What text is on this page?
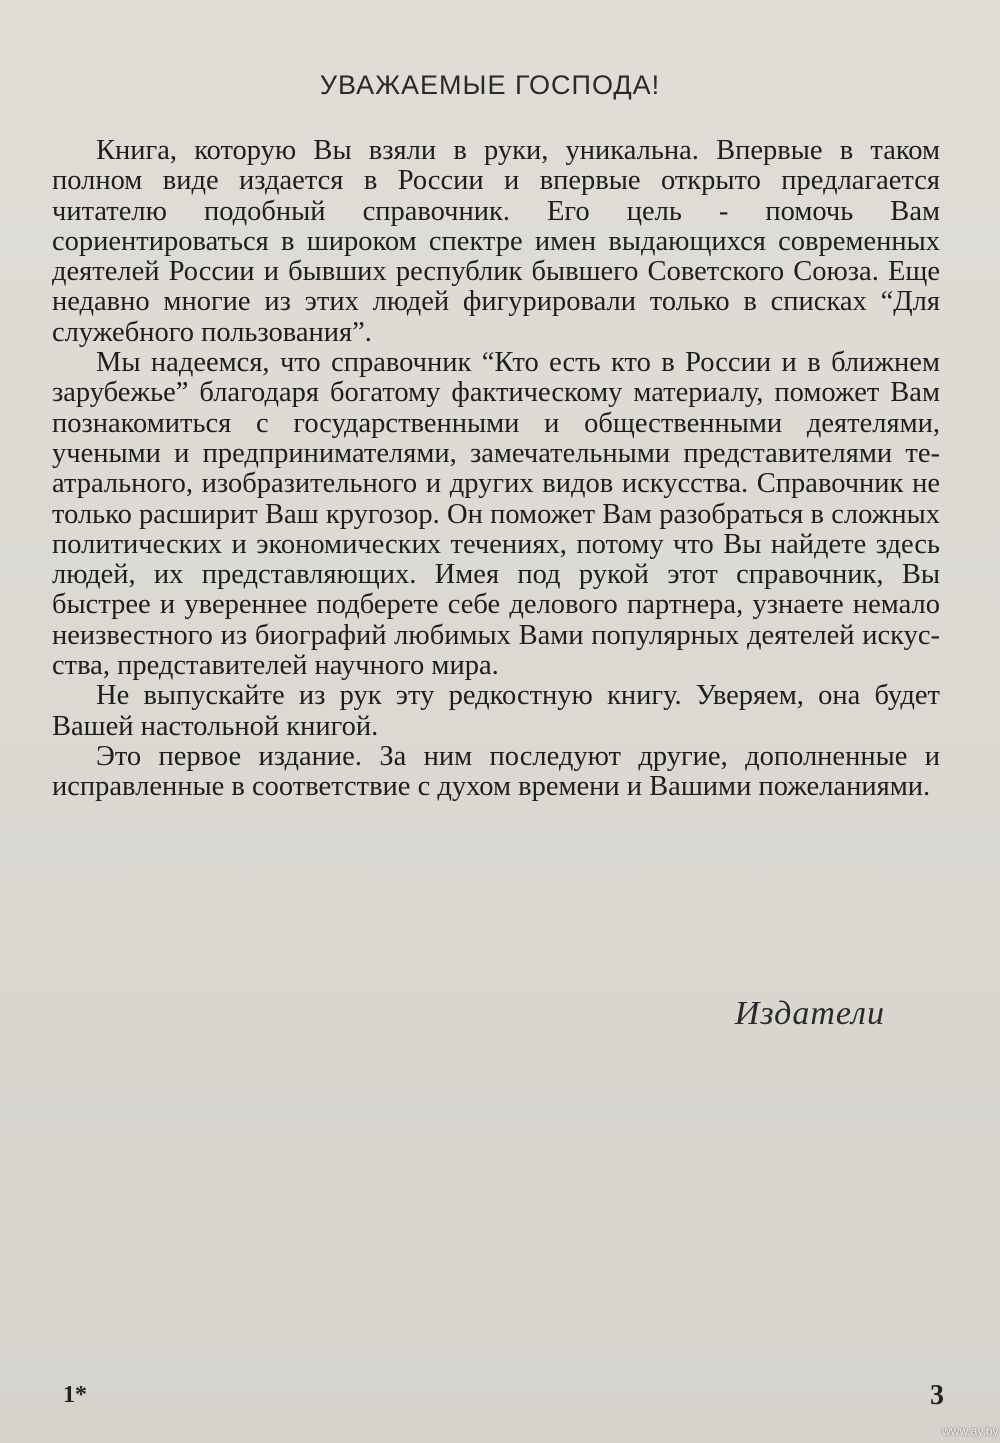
УВАЖАЕМЫЕ ГОСПОДА!

Книга, которую Вы взяли в руки, уникальна. Впервые в таком полном виде издается в России и впервые открыто предлагается читателю подобный справочник. Его цель - помочь Вам сориентироваться в широком спектре имен выдающихся современных деятелей России и бывших республик бывшего Советского Союза. Еще недавно многие из этих людей фигурировали только в списках “Для служебного пользования”.

Мы надеемся, что справочник “Кто есть кто в России и в ближнем зарубежье” благодаря богатому фактическому материалу, поможет Вам познакомиться с государственными и общественными деятелями, учеными и предпринимателями, замечательными представителями театрального, изобразительного и других видов искусства. Справочник не только расширит Ваш кругозор. Он поможет Вам разобраться в сложных политических и экономических течениях, потому что Вы найдете здесь людей, их представляющих. Имея под рукой этот справочник, Вы быстрее и увереннее подберете себе делового партнера, узнаете немало неизвестного из биографий любимых Вами популярных деятелей искусства, представителей научного мира.

Не выпускайте из рук эту редкостную книгу. Уверяем, она будет Вашей настольной книгой.

Это первое издание. За ним последуют другие, дополненные и исправленные в соответствие с духом времени и Вашими пожеланиями.

Издатели
1*	3
www.ay.by
